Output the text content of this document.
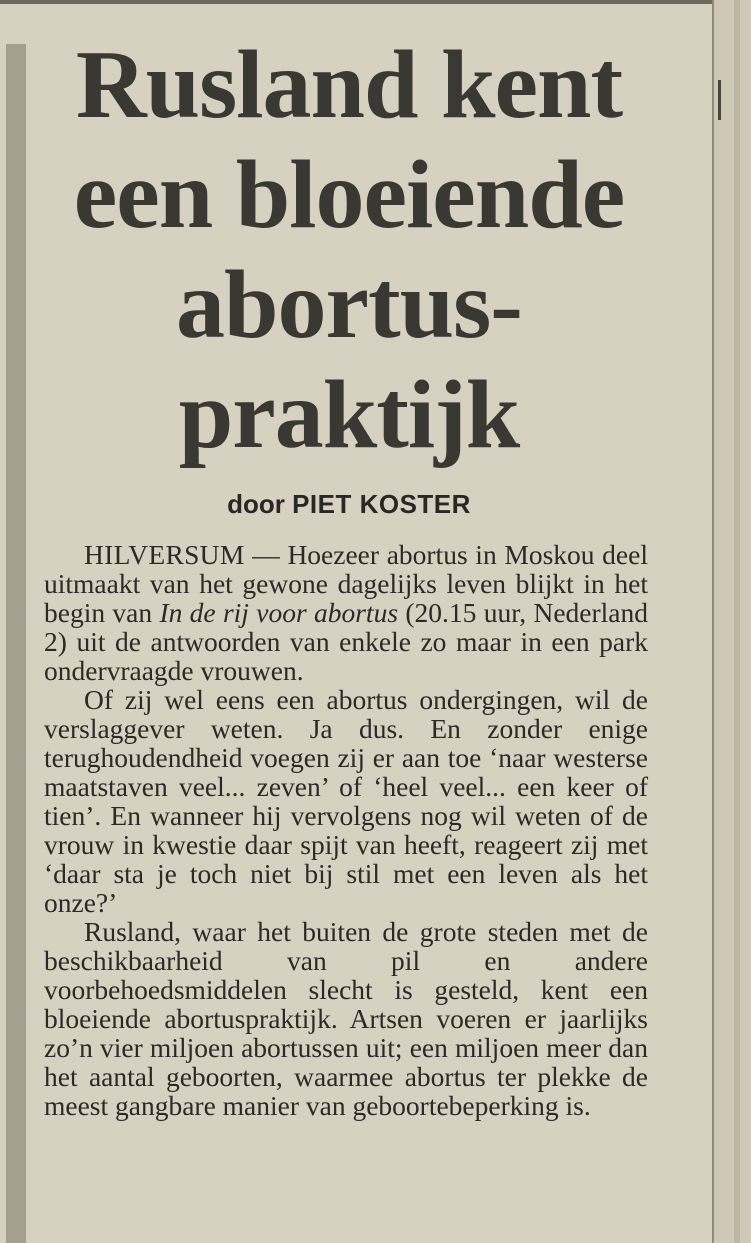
Rusland kent
een bloeiende
abortus-
praktijk
door PIET KOSTER

HILVERSUM — Hoezeer abortus in Moskou deel uitmaakt van het gewone dagelijks leven blijkt in het begin van In de rij voor abortus (20.15 uur, Nederland 2) uit de antwoorden van enkele zo maar in een park ondervraagde vrouwen.

Of zij wel eens een abortus ondergingen, wil de verslaggever weten. Ja dus. En zonder enige terughoudendheid voegen zij er aan toe ‘naar westerse maatstaven veel... zeven’ of ‘heel veel... een keer of tien’. En wanneer hij vervolgens nog wil weten of de vrouw in kwestie daar spijt van heeft, reageert zij met ‘daar sta je toch niet bij stil met een leven als het onze?’

Rusland, waar het buiten de grote steden met de beschikbaarheid van pil en andere voorbehoedsmiddelen slecht is gesteld, kent een bloeiende abortuspraktijk. Artsen voeren er jaarlijks zo’n vier miljoen abortussen uit; een miljoen meer dan het aantal geboorten, waarmee abortus ter plekke de meest gangbare manier van geboortebeperking is.
